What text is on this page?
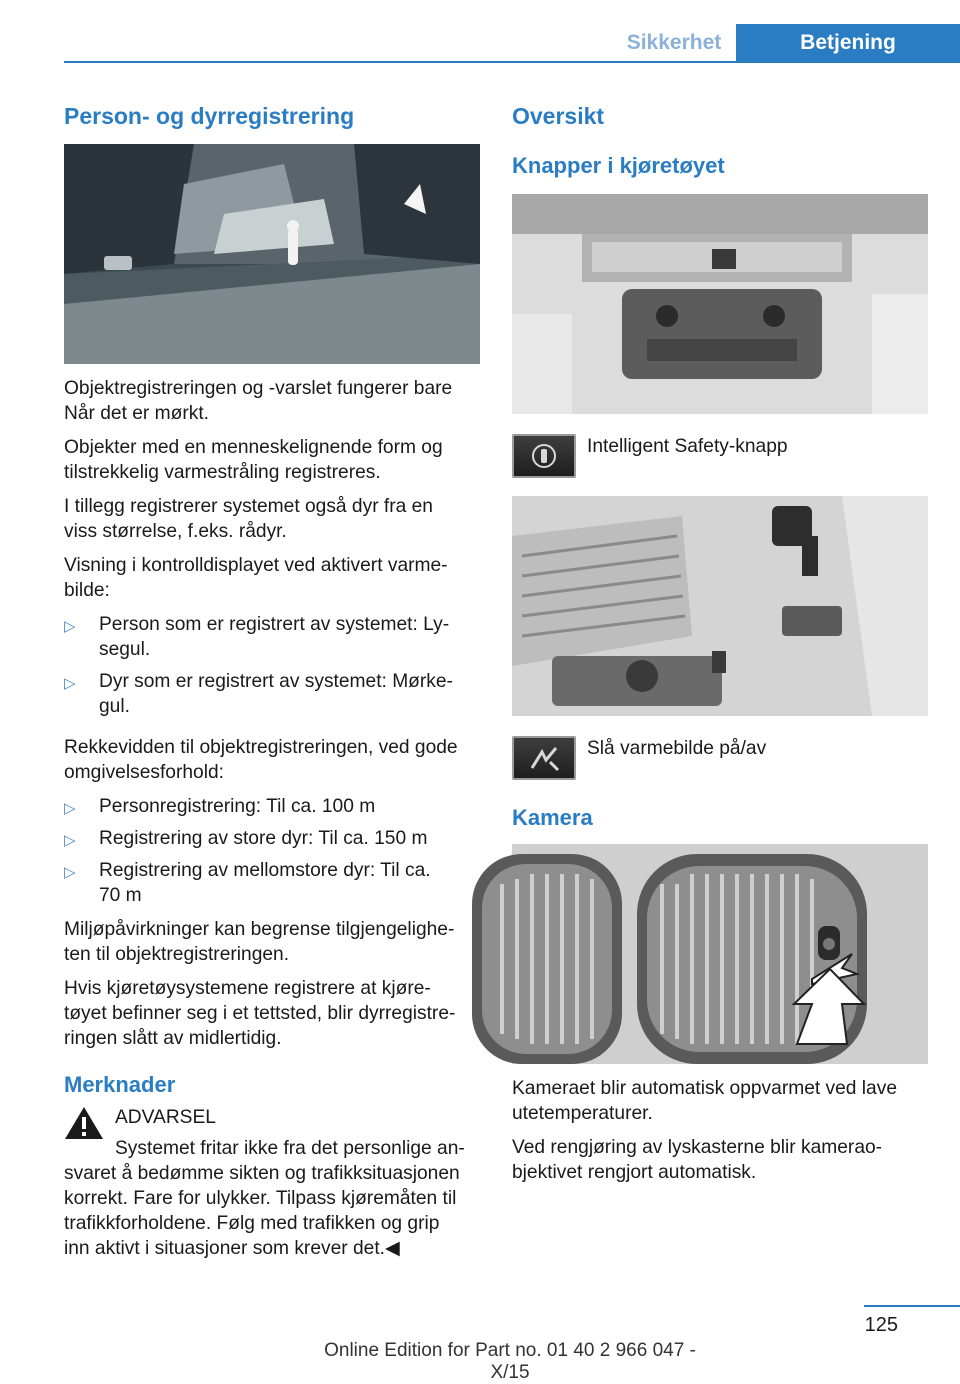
Sikkerhet	Betjening
Person- og dyrregistrering
Objektregistreringen og -varslet fungerer bare
Når det er mørkt.
Objekter med en menneskelignende form og
tilstrekkelig varmestråling registreres.
I tillegg registrerer systemet også dyr fra en
viss størrelse, f.eks. rådyr.
Visning i kontrolldisplayet ved aktivert varme‐
bilde:
▷ Person som er registrert av systemet: Ly‐
segul.
▷ Dyr som er registrert av systemet: Mørke‐
gul.
Rekkevidden til objektregistreringen, ved gode
omgivelsesforhold:
▷ Personregistrering: Til ca. 100 m
▷ Registrering av store dyr: Til ca. 150 m
▷ Registrering av mellomstore dyr: Til ca.
70 m
Miljøpåvirkninger kan begrense tilgjengelighe‐
ten til objektregistreringen.
Hvis kjøretøysystemene registrere at kjøre‐
tøyet befinner seg i et tettsted, blir dyrregistre‐
ringen slått av midlertidig.
Merknader
ADVARSEL
Systemet fritar ikke fra det personlige an‐
svaret å bedømme sikten og trafikksituasjonen
korrekt. Fare for ulykker. Tilpass kjøremåten til
trafikkforholdene. Følg med trafikken og grip
inn aktivt i situasjoner som krever det.◀
Oversikt
Knapper i kjøretøyet
Intelligent Safety-knapp
Slå varmebilde på/av
Kamera
Kameraet blir automatisk oppvarmet ved lave
utetemperaturer.
Ved rengjøring av lyskasterne blir kamerao‐
bjektivet rengjort automatisk.
125
Online Edition for Part no. 01 40 2 966 047 - X/15
